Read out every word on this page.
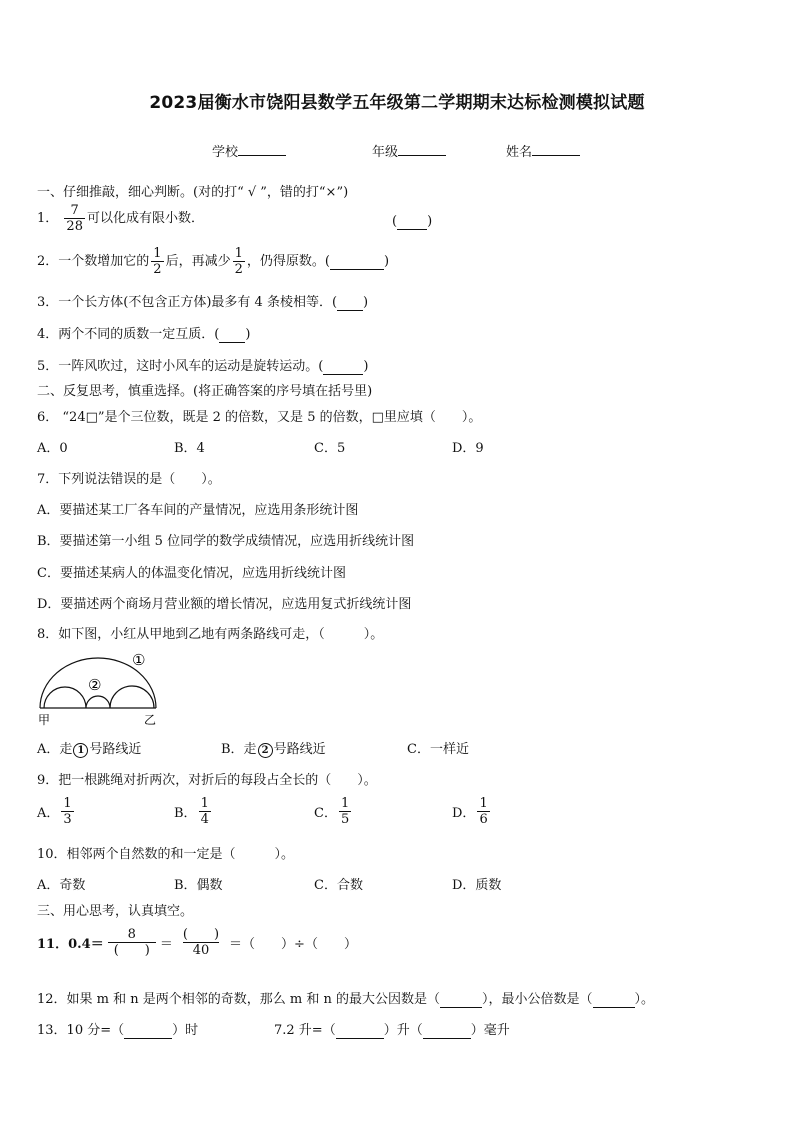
2023届衡水市饶阳县数学五年级第二学期期末达标检测模拟试题
学校	年级	姓名
一、仔细推敲，细心判断。(对的打“ √ ”，错的打“×”)
1． $\frac{7}{28}$ 可以化成有限小数．	( )
2．一个数增加它的 $\frac{1}{2}$ 后，再减少 $\frac{1}{2}$ ，仍得原数。(	)
3．一个长方体(不包含正方体)最多有 4 条棱相等．( )
4．两个不同的质数一定互质．( )
5．一阵风吹过，这时小风车的运动是旋转运动。(	)
二、反复思考，慎重选择。(将正确答案的序号填在括号里)
6． “24□”是个三位数，既是 2 的倍数，又是 5 的倍数，□里应填（　　）。
A．0	B．4	C．5	D．9
7．下列说法错误的是（　　）。
A．要描述某工厂各车间的产量情况，应选用条形统计图
B．要描述第一小组 5 位同学的数学成绩情况，应选用折线统计图
C．要描述某病人的体温变化情况，应选用折线统计图
D．要描述两个商场月营业额的增长情况，应选用复式折线统计图
8．如下图，小红从甲地到乙地有两条路线可走，（　　　）。
①
②
甲	乙
A．走 1 号路线近	B．走 2 号路线近	C．一样近
9．把一根跳绳对折两次，对折后的每段占全长的（　　）。
A． $\frac{1}{3}$	B． $\frac{1}{4}$	C． $\frac{1}{5}$	D． $\frac{1}{6}$
10．相邻两个自然数的和一定是（　　　）。
A．奇数	B．偶数	C．合数	D．质数
三、用心思考，认真填空。
11．$0.4= \frac{8}{( )} = \frac{( )}{40}$ ＝（　　）÷（　　）
12．如果 m 和 n 是两个相邻的奇数，那么 m 和 n 的最大公因数是（	），最小公倍数是（	）。
13．10 分=（	）时	7.2 升=（	）升（	）毫升
